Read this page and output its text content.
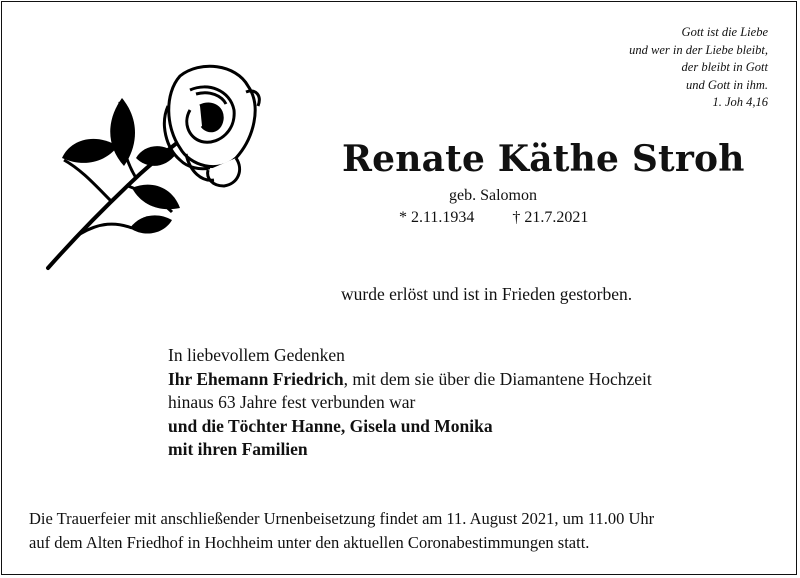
Gott ist die Liebe
und wer in der Liebe bleibt,
der bleibt in Gott
und Gott in ihm.
1. Joh 4,16
Renate Käthe Stroh
geb. Salomon
* 2.11.1934 † 21.7.2021
wurde erlöst und ist in Frieden gestorben.
In liebevollem Gedenken
Ihr Ehemann Friedrich, mit dem sie über die Diamantene Hochzeit
hinaus 63 Jahre fest verbunden war
und die Töchter Hanne, Gisela und Monika
mit ihren Familien
Die Trauerfeier mit anschließender Urnenbeisetzung findet am 11. August 2021, um 11.00 Uhr
auf dem Alten Friedhof in Hochheim unter den aktuellen Coronabestimmungen statt.
